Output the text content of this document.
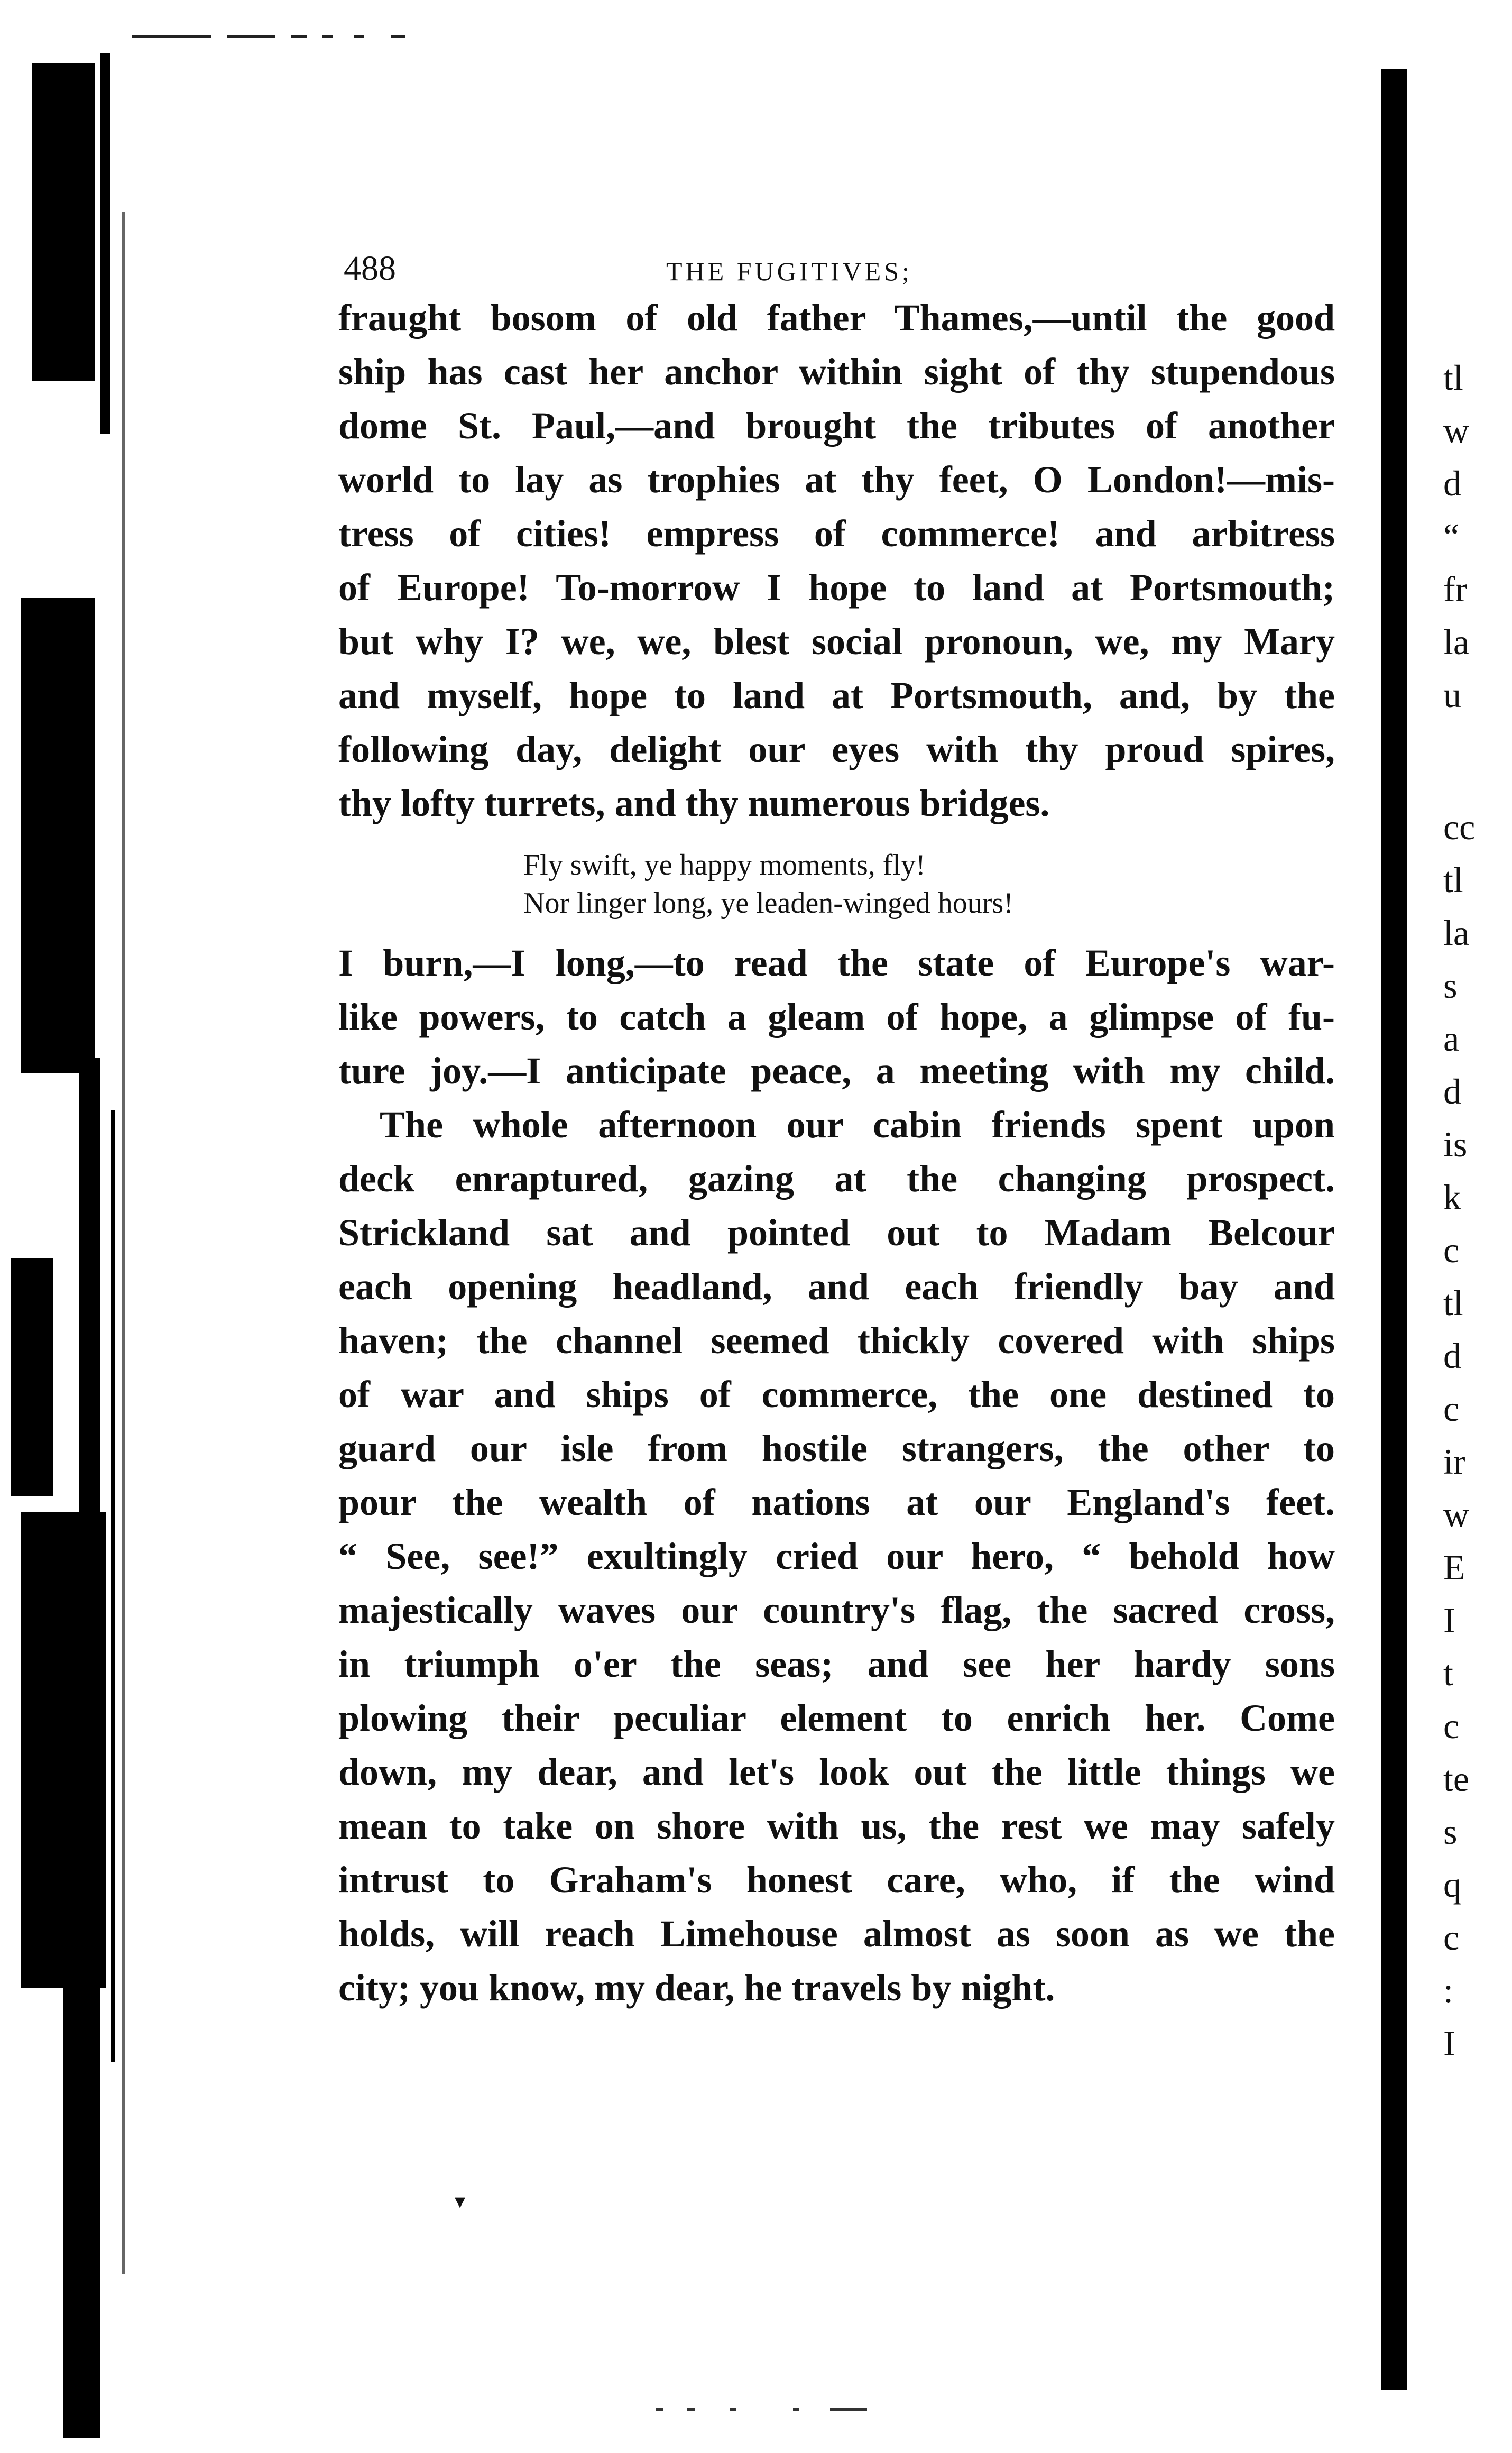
488	THE FUGITIVES;
fraught bosom of old father Thames,—until the good
ship has cast her anchor within sight of thy stupendous
dome St. Paul,—and brought the tributes of another
world to lay as trophies at thy feet, O London!—mis-
tress of cities! empress of commerce! and arbitress
of Europe! To-morrow I hope to land at Portsmouth;
but why I? we, we, blest social pronoun, we, my Mary
and myself, hope to land at Portsmouth, and, by the
following day, delight our eyes with thy proud spires,
thy lofty turrets, and thy numerous bridges.
Fly swift, ye happy moments, fly!
Nor linger long, ye leaden-winged hours!
I burn,—I long,—to read the state of Europe's war-
like powers, to catch a gleam of hope, a glimpse of fu-
ture joy.—I anticipate peace, a meeting with my child.
The whole afternoon our cabin friends spent upon
deck enraptured, gazing at the changing prospect.
Strickland sat and pointed out to Madam Belcour
each opening headland, and each friendly bay and
haven; the channel seemed thickly covered with ships
of war and ships of commerce, the one destined to
guard our isle from hostile strangers, the other to
pour the wealth of nations at our England's feet.
“ See, see!” exultingly cried our hero, “ behold how
majestically waves our country's flag, the sacred cross,
in triumph o'er the seas; and see her hardy sons
plowing their peculiar element to enrich her. Come
down, my dear, and let's look out the little things we
mean to take on shore with us, the rest we may safely
intrust to Graham's honest care, who, if the wind
holds, will reach Limehouse almost as soon as we the
city; you know, my dear, he travels by night.
▾
tl
w
d
“
fr
la
u
cc
tl
la
s
a
d
is
k
c
tl
d
c
ir
w
E
I
t
c
te
s
q
c
:
I
